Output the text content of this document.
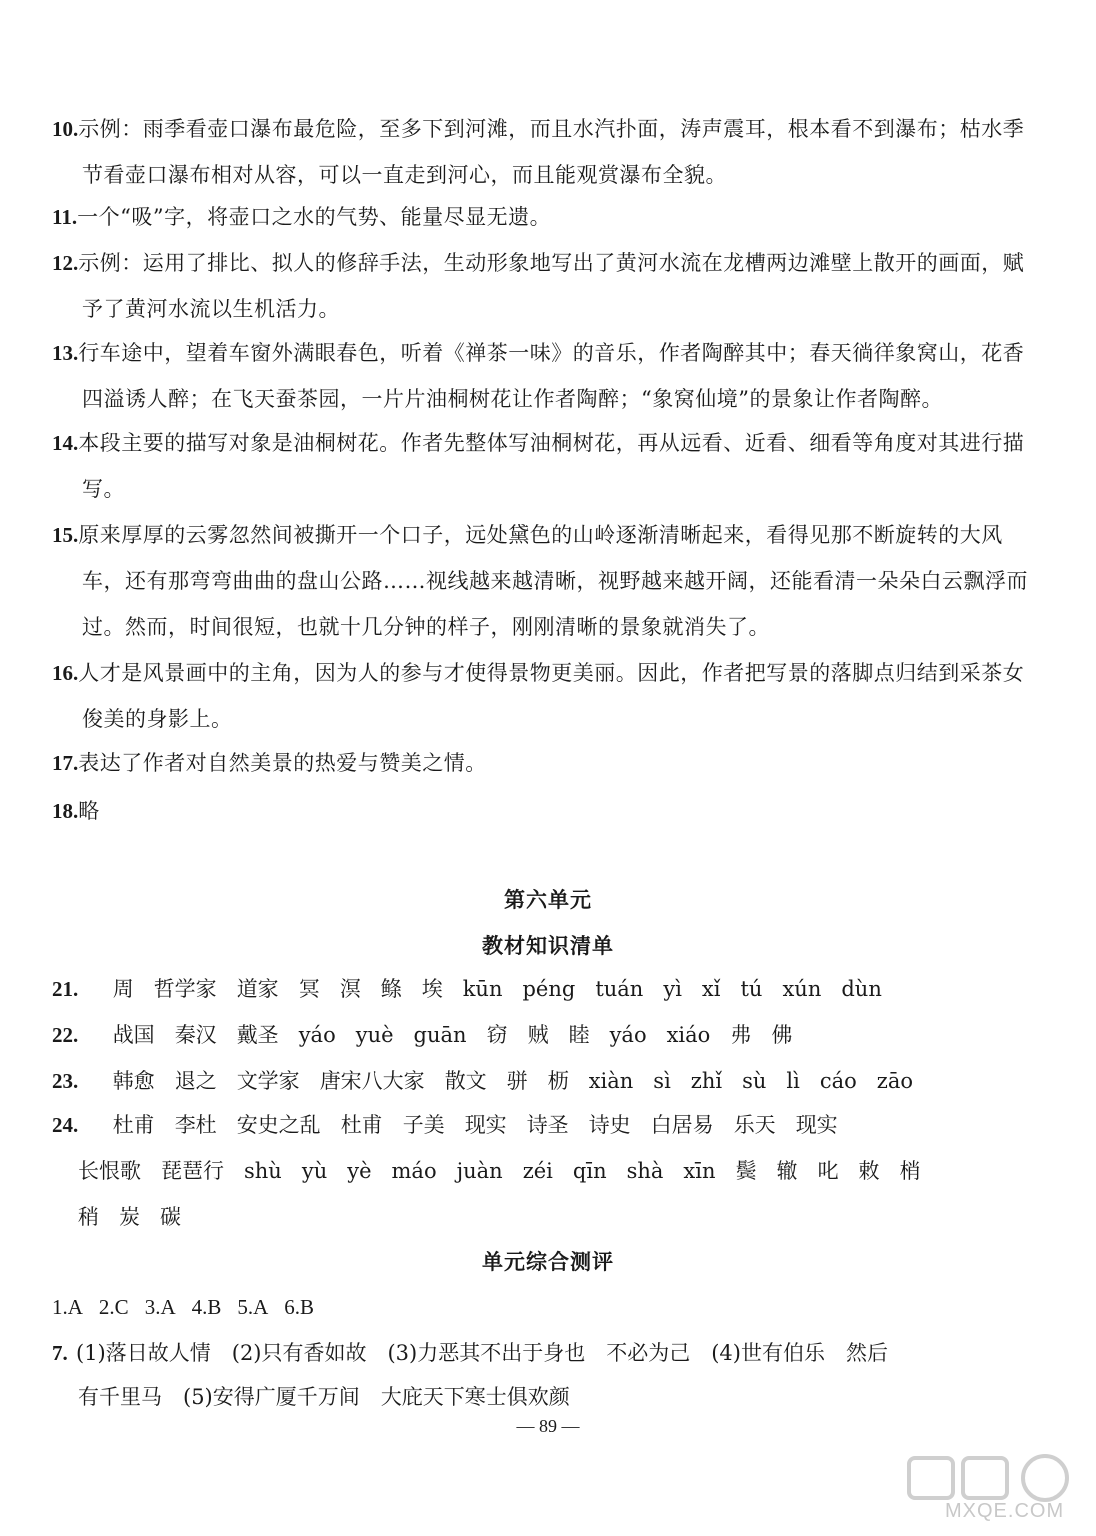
10.示例：雨季看壶口瀑布最危险，至多下到河滩，而且水汽扑面，涛声震耳，根本看不到瀑布；枯水季节看壶口瀑布相对从容，可以一直走到河心，而且能观赏瀑布全貌。

11.一个“吸”字，将壶口之水的气势、能量尽显无遗。

12.示例：运用了排比、拟人的修辞手法，生动形象地写出了黄河水流在龙槽两边滩壁上散开的画面，赋予了黄河水流以生机活力。

13.行车途中，望着车窗外满眼春色，听着《禅茶一味》的音乐，作者陶醉其中；春天徜徉象窝山，花香四溢诱人醉；在飞天蚕茶园，一片片油桐树花让作者陶醉；“象窝仙境”的景象让作者陶醉。

14.本段主要的描写对象是油桐树花。作者先整体写油桐树花，再从远看、近看、细看等角度对其进行描写。

15.原来厚厚的云雾忽然间被撕开一个口子，远处黛色的山岭逐渐清晰起来，看得见那不断旋转的大风车，还有那弯弯曲曲的盘山公路……视线越来越清晰，视野越来越开阔，还能看清一朵朵白云飘浮而过。然而，时间很短，也就十几分钟的样子，刚刚清晰的景象就消失了。

16.人才是风景画中的主角，因为人的参与才使得景物更美丽。因此，作者把写景的落脚点归结到采茶女俊美的身影上。

17.表达了作者对自然美景的热爱与赞美之情。

18.略

第六单元

教材知识清单

21. 周 哲学家 道家 冥 溟 鲦 埃 kūn péng tuán yì xǐ tú xún dùn

22. 战国 秦汉 戴圣 yáo yuè guān 窃 贼 睦 yáo xiáo 弗 佛

23. 韩愈 退之 文学家 唐宋八大家 散文 骈 枥 xiàn sì zhǐ sù lì cáo zāo

24. 杜甫 李杜 安史之乱 杜甫 子美 现实 诗圣 诗史 白居易 乐天 现实

长恨歌 琵琶行 shù yù yè máo juàn zéi qīn shà xīn 鬓 辙 叱 敕 梢

稍 炭 碳

单元综合测评

1.A 2.C 3.A 4.B 5.A 6.B

7. (1)落日故人情　(2)只有香如故　(3)力恶其不出于身也　不必为己　(4)世有伯乐　然后

有千里马　(5)安得广厦千万间　大庇天下寒士俱欢颜

— 89 —
MXQE.COM
